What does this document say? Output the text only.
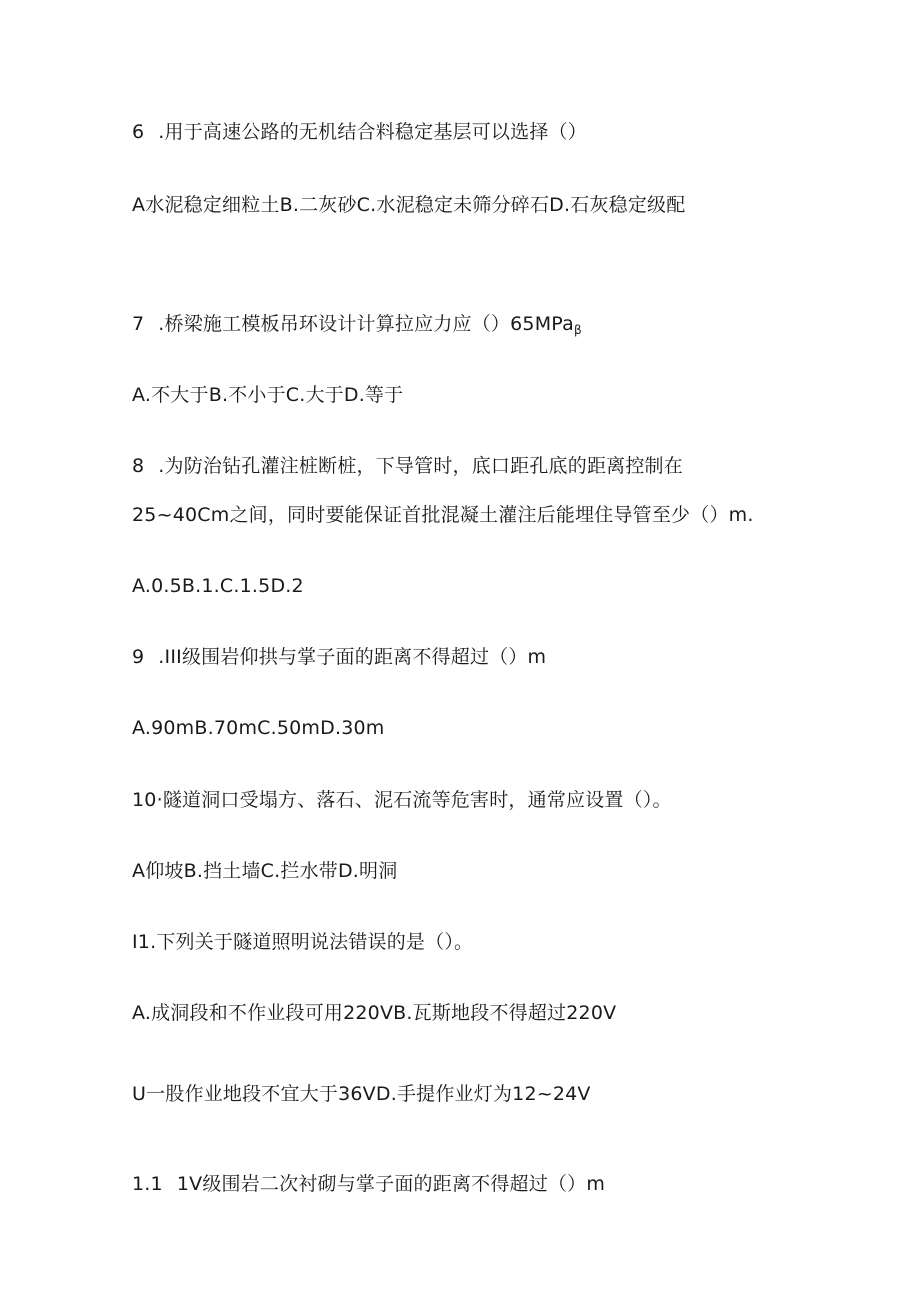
6 .用于高速公路的无机结合料稳定基层可以选择（）
A水泥稳定细粒土B.二灰砂C.水泥稳定未筛分碎石D.石灰稳定级配
7 .桥梁施工模板吊环设计计算拉应力应（）65MPa$_\beta$
A.不大于B.不小于C.大于D.等于
8 .为防治钻孔灌注桩断桩，下导管时，底口距孔底的距离控制在
25~40Cm之间，同时要能保证首批混凝土灌注后能埋住导管至少（）m.
A.0.5B.1.C.1.5D.2
9 .III级围岩仰拱与掌子面的距离不得超过（）m
A.90mB.70mC.50mD.30m
10·隧道洞口受塌方、落石、泥石流等危害时，通常应设置（）。
A仰坡B.挡土墙C.拦水带D.明洞
I1.下列关于隧道照明说法错误的是（）。
A.成洞段和不作业段可用220VB.瓦斯地段不得超过220V
U一股作业地段不宜大于36VD.手提作业灯为12~24V
1.1 1V级围岩二次衬砌与掌子面的距离不得超过（）m
